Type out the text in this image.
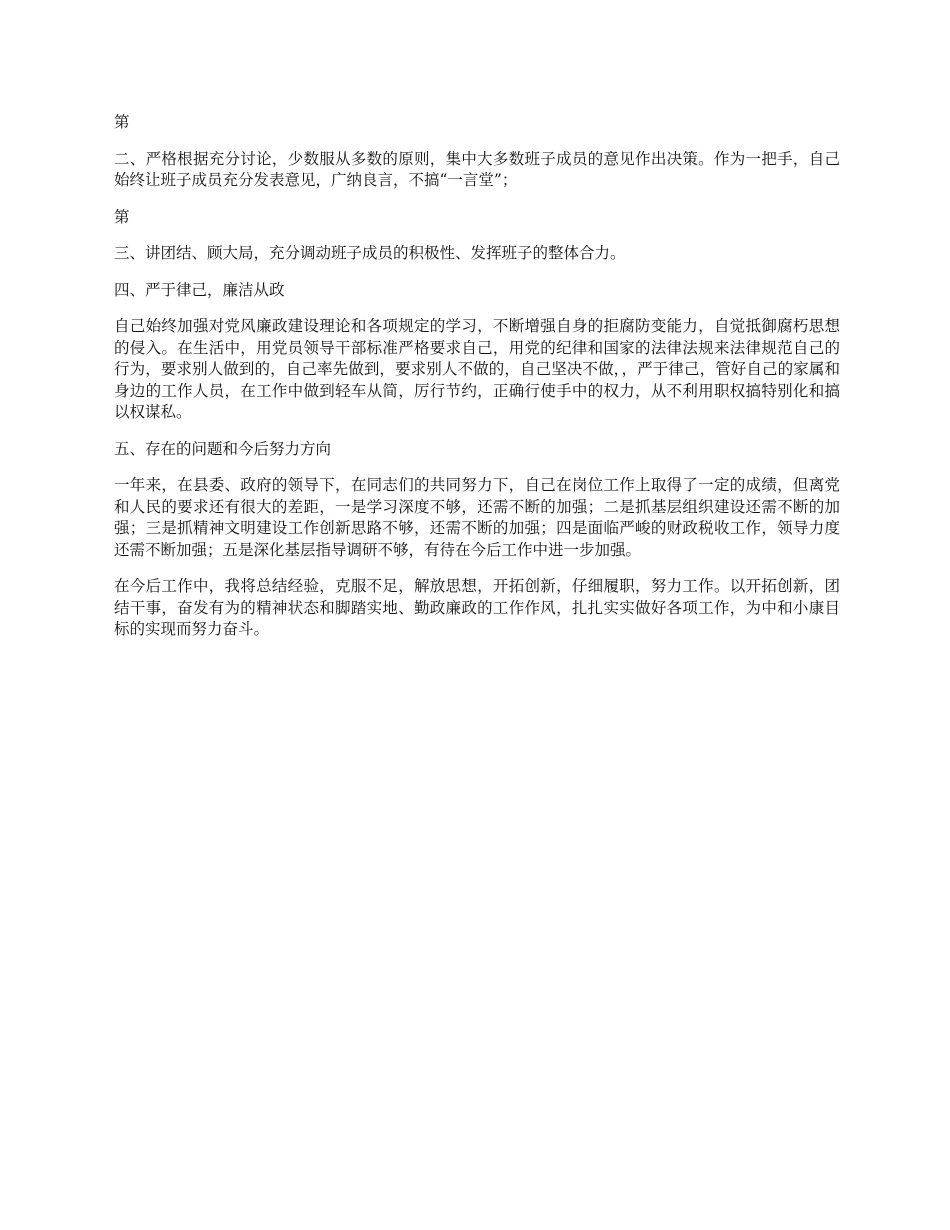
第

二、严格根据充分讨论，少数服从多数的原则，集中大多数班子成员的意见作出决策。作为一把手，自己始终让班子成员充分发表意见，广纳良言，不搞“一言堂”；

第

三、讲团结、顾大局，充分调动班子成员的积极性、发挥班子的整体合力。

四、严于律己，廉洁从政

自己始终加强对党风廉政建设理论和各项规定的学习，不断增强自身的拒腐防变能力，自觉抵御腐朽思想的侵入。在生活中，用党员领导干部标准严格要求自己，用党的纪律和国家的法律法规来法律规范自己的行为，要求别人做到的，自己率先做到，要求别人不做的，自己坚决不做，，严于律己，管好自己的家属和身边的工作人员，在工作中做到轻车从简，厉行节约，正确行使手中的权力，从不利用职权搞特别化和搞以权谋私。

五、存在的问题和今后努力方向

一年来，在县委、政府的领导下，在同志们的共同努力下，自己在岗位工作上取得了一定的成绩，但离党和人民的要求还有很大的差距，一是学习深度不够，还需不断的加强；二是抓基层组织建设还需不断的加强；三是抓精神文明建设工作创新思路不够，还需不断的加强；四是面临严峻的财政税收工作，领导力度还需不断加强；五是深化基层指导调研不够，有待在今后工作中进一步加强。

在今后工作中，我将总结经验，克服不足，解放思想，开拓创新，仔细履职，努力工作。以开拓创新，团结干事，奋发有为的精神状态和脚踏实地、勤政廉政的工作作风，扎扎实实做好各项工作，为中和小康目标的实现而努力奋斗。
